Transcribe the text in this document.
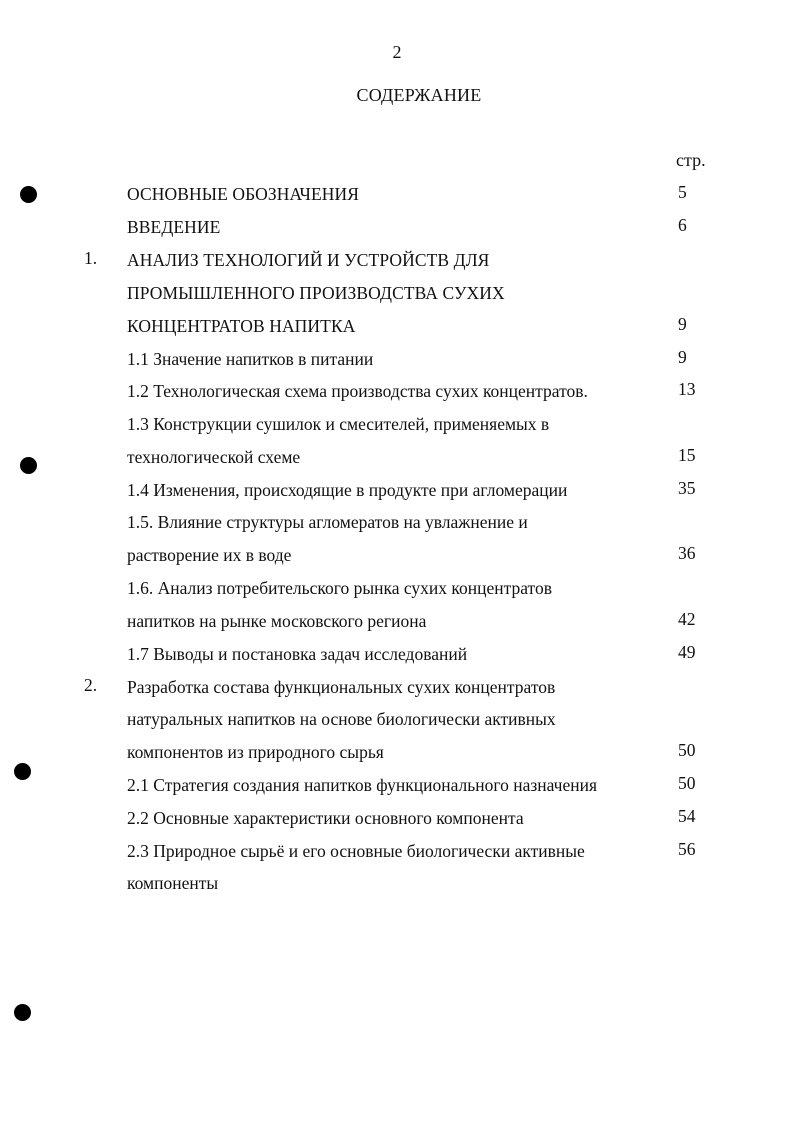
2
СОДЕРЖАНИЕ
стр.
ОСНОВНЫЕ ОБОЗНАЧЕНИЯ	5
ВВЕДЕНИЕ	6
1. АНАЛИЗ ТЕХНОЛОГИЙ И УСТРОЙСТВ ДЛЯ
ПРОМЫШЛЕННОГО ПРОИЗВОДСТВА СУХИХ
КОНЦЕНТРАТОВ НАПИТКА	9
1.1 Значение напитков в питании	9
1.2 Технологическая схема производства сухих концентратов.	13
1.3 Конструкции сушилок и смесителей, применяемых в
технологической схеме	15
1.4 Изменения, происходящие в продукте при агломерации	35
1.5. Влияние структуры агломератов на увлажнение и
растворение их в воде	36
1.6. Анализ потребительского рынка сухих концентратов
напитков на рынке московского региона	42
1.7 Выводы и постановка задач исследований	49
2. Разработка состава функциональных сухих концентратов
натуральных напитков на основе биологически активных
компонентов из природного сырья	50
2.1 Стратегия создания напитков функционального назначения	50
2.2 Основные характеристики основного компонента	54
2.3 Природное сырьё и его основные биологически активные	56
компоненты
